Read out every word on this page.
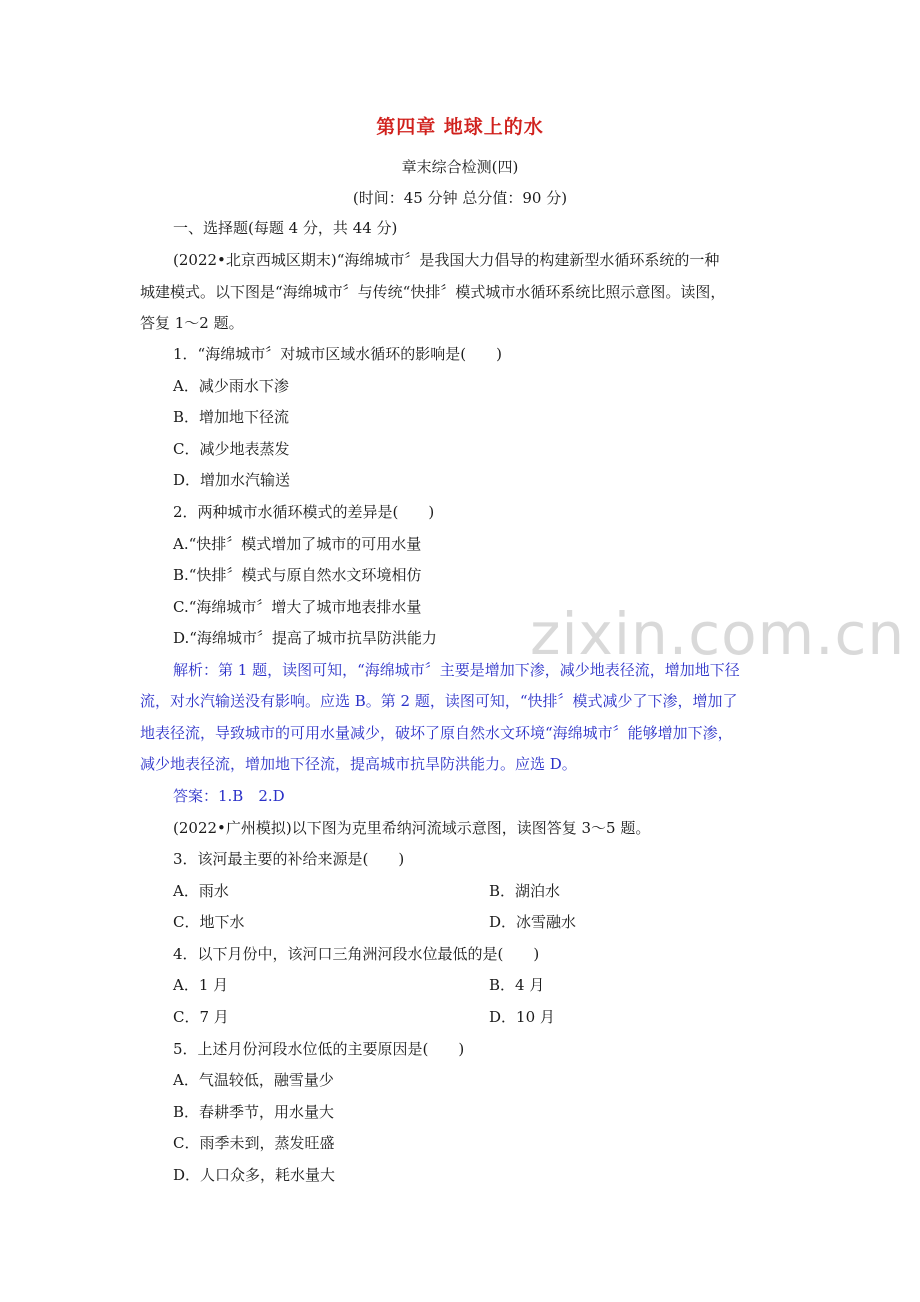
zixin.com.cn
第四章 地球上的水
章末综合检测(四)
(时间：45 分钟 总分值：90 分)
一、选择题(每题 4 分，共 44 分)
(2022•北京西城区期末)“海绵城市〞是我国大力倡导的构建新型水循环系统的一种
城建模式。以下图是“海绵城市〞与传统“快排〞模式城市水循环系统比照示意图。读图，
答复 1～2 题。
1．“海绵城市〞对城市区域水循环的影响是(　　)
A．减少雨水下渗
B．增加地下径流
C．减少地表蒸发
D．增加水汽输送
2．两种城市水循环模式的差异是(　　)
A.“快排〞模式增加了城市的可用水量
B.“快排〞模式与原自然水文环境相仿
C.“海绵城市〞增大了城市地表排水量
D.“海绵城市〞提高了城市抗旱防洪能力
解析：第 1 题，读图可知，“海绵城市〞主要是增加下渗，减少地表径流，增加地下径
流，对水汽输送没有影响。应选 B。第 2 题，读图可知，“快排〞模式减少了下渗，增加了
地表径流，导致城市的可用水量减少，破坏了原自然水文环境“海绵城市〞能够增加下渗，
减少地表径流，增加地下径流，提高城市抗旱防洪能力。应选 D。
答案：1.B　2.D
(2022•广州模拟)以下图为克里希纳河流域示意图，读图答复 3～5 题。
3．该河最主要的补给来源是(　　)
A．雨水	B．湖泊水
C．地下水	D．冰雪融水
4．以下月份中，该河口三角洲河段水位最低的是(　　)
A．1 月	B．4 月
C．7 月	D．10 月
5．上述月份河段水位低的主要原因是(　　)
A．气温较低，融雪量少
B．春耕季节，用水量大
C．雨季未到，蒸发旺盛
D．人口众多，耗水量大
